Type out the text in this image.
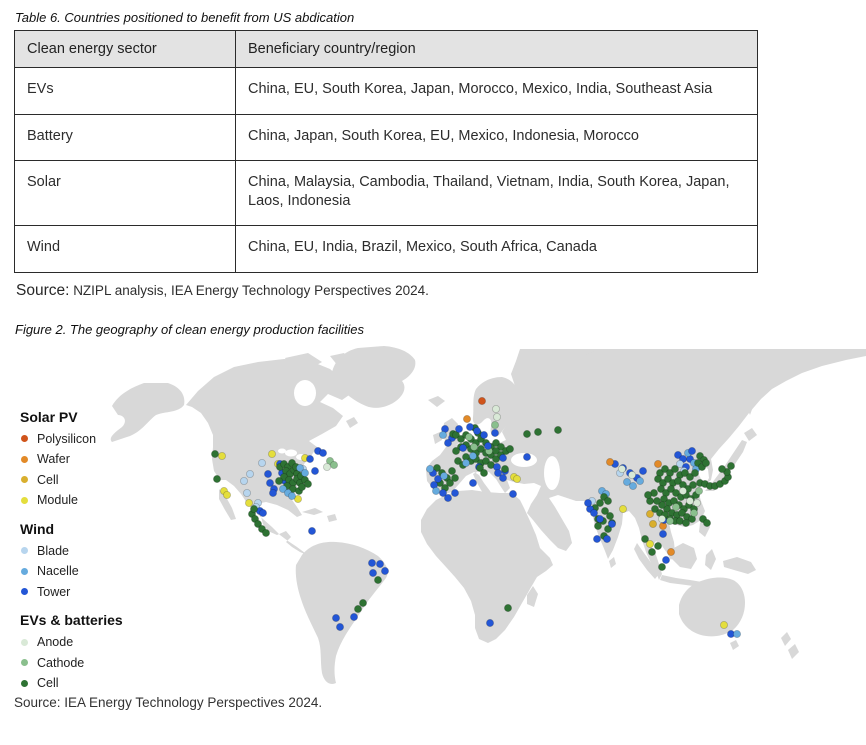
Table 6. Countries positioned to benefit from US abdication
Clean energy sector	Beneficiary country/region
EVs	China, EU, South Korea, Japan, Morocco, Mexico, India, Southeast Asia
Battery	China, Japan, South Korea, EU, Mexico, Indonesia, Morocco
Solar	China, Malaysia, Cambodia, Thailand, Vietnam, India, South Korea, Japan, Laos, Indonesia
Wind	China, EU, India, Brazil, Mexico, South Africa, Canada

Source: NZIPL analysis, IEA Energy Technology Perspectives 2024.

Figure 2. The geography of clean energy production facilities
Solar PV
Polysilicon
Wafer
Cell
Module
Wind
Blade
Nacelle
Tower
EVs & batteries
Anode
Cathode
Cell

Source: IEA Energy Technology Perspectives 2024.
